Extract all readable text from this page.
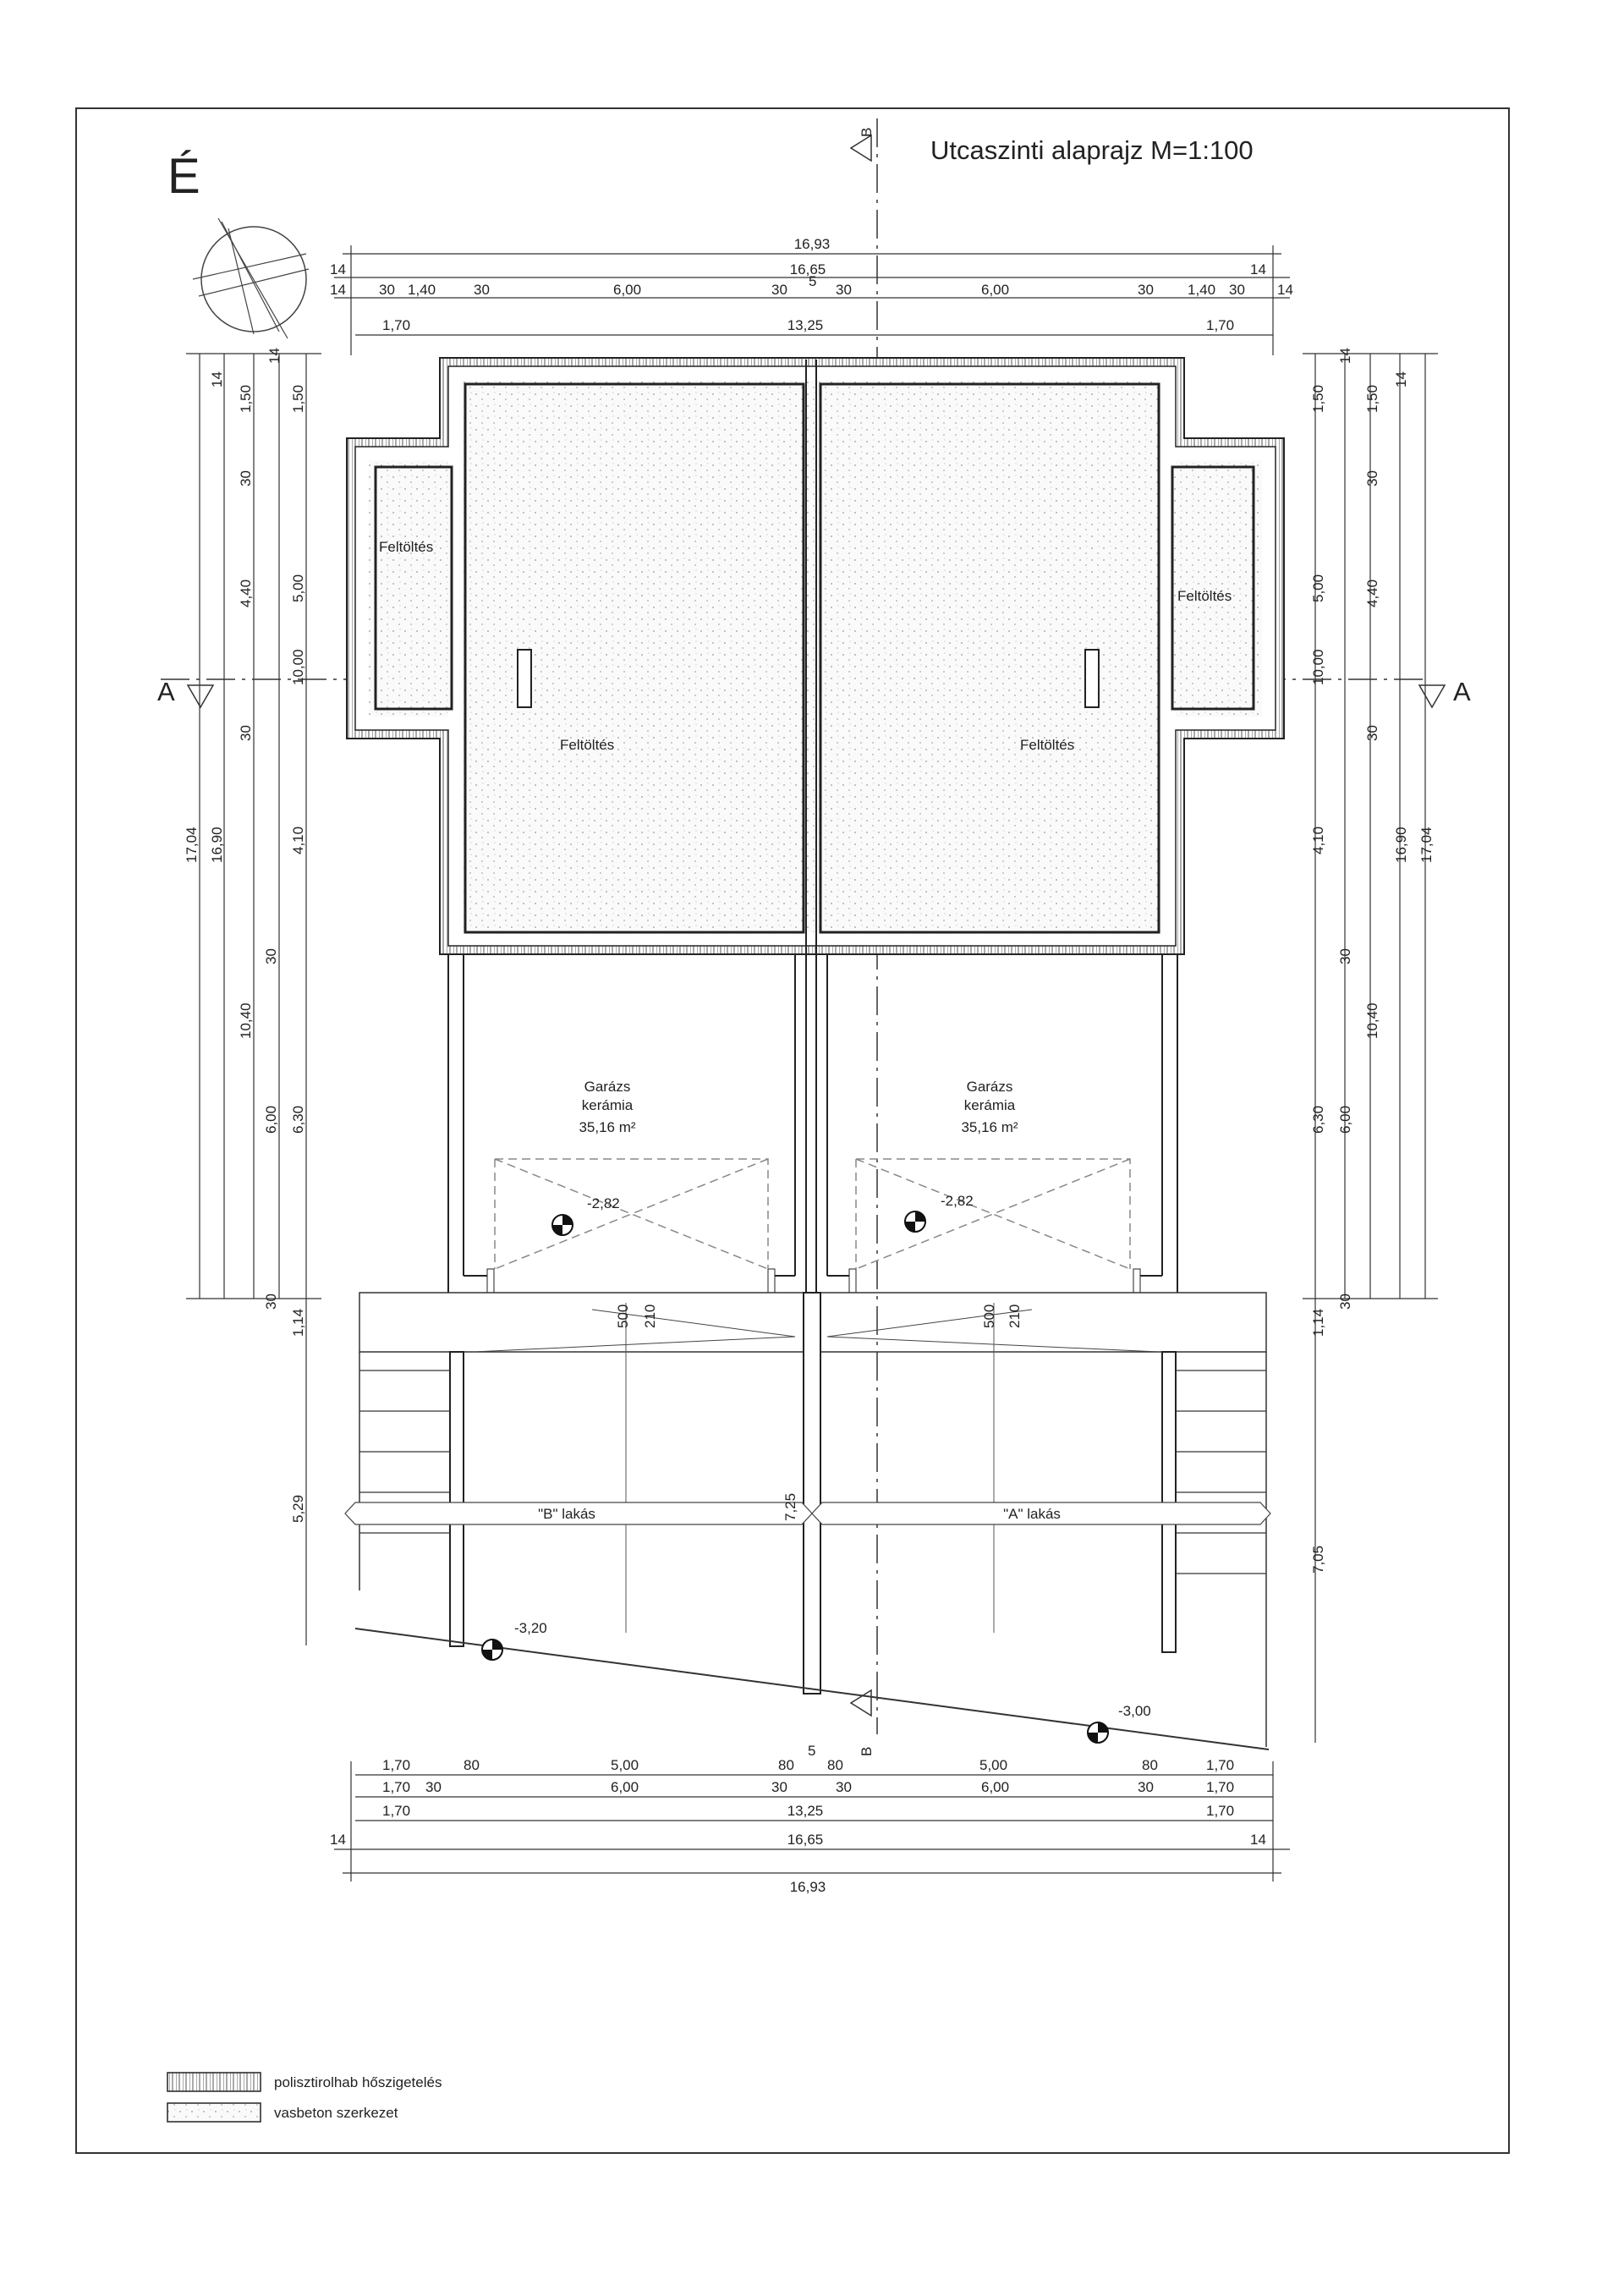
É	Utcaszinti alaprajz M=1:100
A	A
B
B
Feltöltés
Feltöltés
Feltöltés	Feltöltés
Garázs
kerámia
35,16 m²
Garázs
kerámia
35,16 m²
"B" lakás	"A" lakás
-2,82	-2,82
-3,20
-3,00
500 210	500 210
7,25
16,93
14	16,65	14
14 30 1,40	30	6,00	30
5
30	6,00	30 1,40 30 14
1,70	13,25	1,70
1,70	80	5,00	80
5
80	5,00	80	1,70
1,70 30	6,00	30	30	6,00	30	1,70
1,70	13,25	1,70
14	16,65	14
16,93
17,04
14
16,90
1,50
10,40
30
4,40
30
30
6,00
30
14
1,50
5,00
10,00
4,10
6,30
1,14
5,29
17,04
14
16,90
1,50
10,40
30
4,40
30
30
6,00
30
14
1,50
5,00
10,00
4,10
6,30
1,14
7,05
polisztirolhab hőszigetelés
vasbeton szerkezet
